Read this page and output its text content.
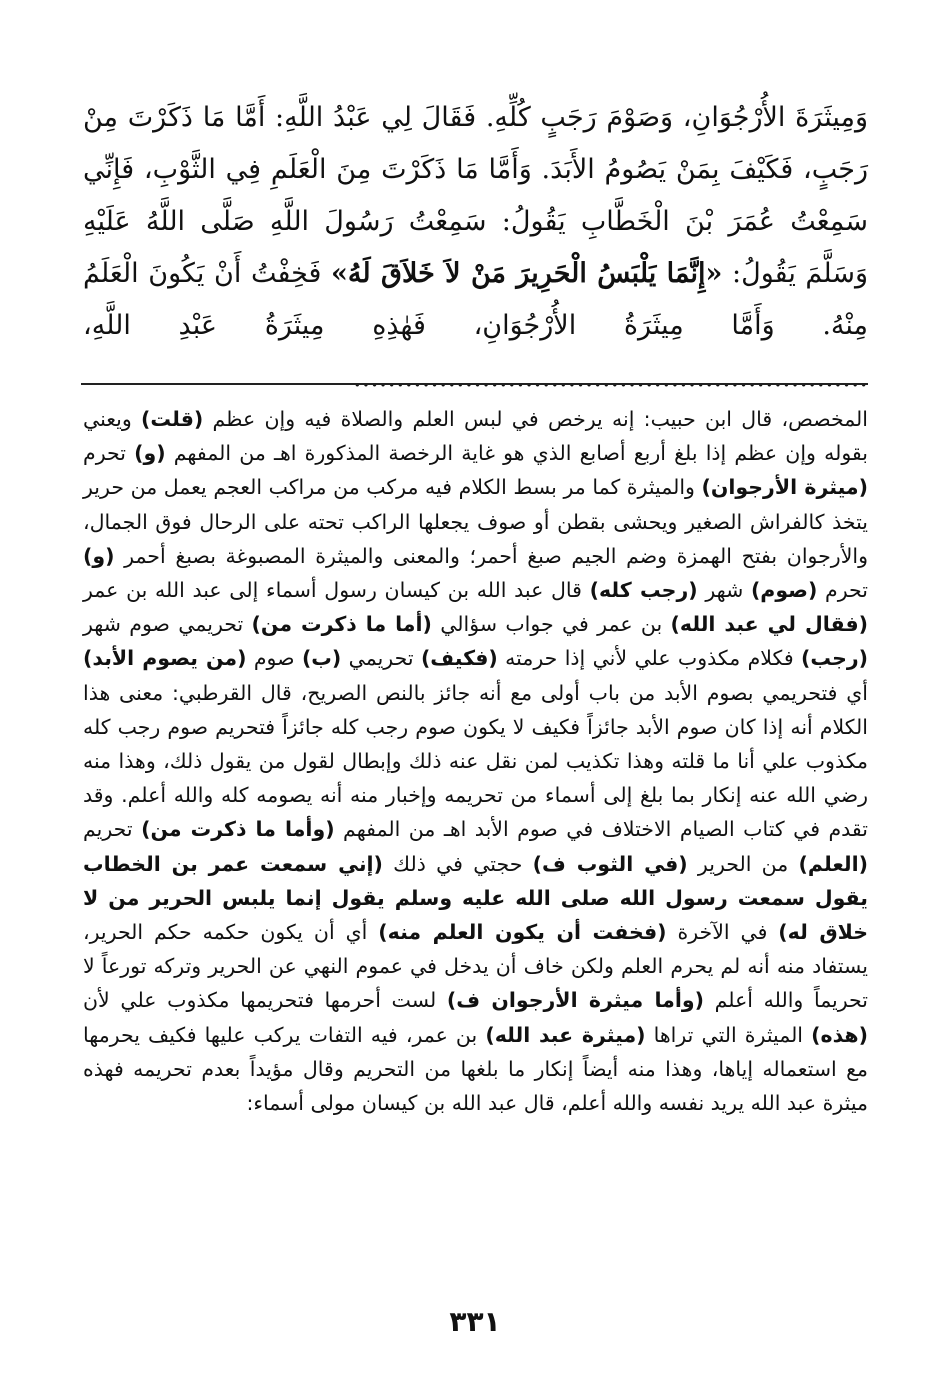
وَمِيثَرَةَ الأُرْجُوَانِ، وَصَوْمَ رَجَبٍ كُلِّهِ. فَقَالَ لِي عَبْدُ اللَّهِ: أَمَّا مَا ذَكَرْتَ مِنْ رَجَبٍ، فَكَيْفَ بِمَنْ يَصُومُ الأَبَدَ. وَأَمَّا مَا ذَكَرْتَ مِنَ الْعَلَمِ فِي الثَّوْبِ، فَإِنِّي سَمِعْتُ عُمَرَ بْنَ الْخَطَّابِ يَقُولُ: سَمِعْتُ رَسُولَ اللَّهِ صَلَّى اللَّهُ عَلَيْهِ وَسَلَّمَ يَقُولُ: «إِنَّمَا يَلْبَسُ الْحَرِيرَ مَنْ لاَ خَلاَقَ لَهُ» فَخِفْتُ أَنْ يَكُونَ الْعَلَمُ مِنْهُ. وَأَمَّا مِيثَرَةُ الأُرْجُوَانِ، فَهٰذِهِ مِيثَرَةُ عَبْدِ اللَّهِ، ............................................................

المخصص، قال ابن حبيب: إنه يرخص في لبس العلم والصلاة فيه وإن عظم (قلت) ويعني بقوله وإن عظم إذا بلغ أربع أصابع الذي هو غاية الرخصة المذكورة اهـ من المفهم (و) تحرم (ميثرة الأرجوان) والميثرة كما مر بسط الكلام فيه مركب من مراكب العجم يعمل من حرير يتخذ كالفراش الصغير ويحشى بقطن أو صوف يجعلها الراكب تحته على الرحال فوق الجمال، والأرجوان بفتح الهمزة وضم الجيم صبغ أحمر؛ والمعنى والميثرة المصبوغة بصبغ أحمر (و) تحرم (صوم) شهر (رجب كله) قال عبد الله بن كيسان رسول أسماء إلى عبد الله بن عمر (فقال لي عبد الله) بن عمر في جواب سؤالي (أما ما ذكرت من) تحريمي صوم شهر (رجب) فكلام مكذوب علي لأني إذا حرمته (فكيف) تحريمي (ب) صوم (من يصوم الأبد) أي فتحريمي بصوم الأبد من باب أولى مع أنه جائز بالنص الصريح، قال القرطبي: معنى هذا الكلام أنه إذا كان صوم الأبد جائزاً فكيف لا يكون صوم رجب كله جائزاً فتحريم صوم رجب كله مكذوب علي أنا ما قلته وهذا تكذيب لمن نقل عنه ذلك وإبطال لقول من يقول ذلك، وهذا منه رضي الله عنه إنكار بما بلغ إلى أسماء من تحريمه وإخبار منه أنه يصومه كله والله أعلم. وقد تقدم في كتاب الصيام الاختلاف في صوم الأبد اهـ من المفهم (وأما ما ذكرت من) تحريم (العلم) من الحرير (في الثوب ف) حجتي في ذلك (إني سمعت عمر بن الخطاب يقول سمعت رسول الله صلى الله عليه وسلم يقول إنما يلبس الحرير من لا خلاق له) في الآخرة (فخفت أن يكون العلم منه) أي أن يكون حكمه حكم الحرير، يستفاد منه أنه لم يحرم العلم ولكن خاف أن يدخل في عموم النهي عن الحرير وتركه تورعاً لا تحريماً والله أعلم (وأما ميثرة الأرجوان ف) لست أحرمها فتحريمها مكذوب علي لأن (هذه) الميثرة التي تراها (ميثرة عبد الله) بن عمر، فيه التفات يركب عليها فكيف يحرمها مع استعماله إياها، وهذا منه أيضاً إنكار ما بلغها من التحريم وقال مؤيداً بعدم تحريمه فهذه ميثرة عبد الله يريد نفسه والله أعلم، قال عبد الله بن كيسان مولى أسماء:

٣٣١
